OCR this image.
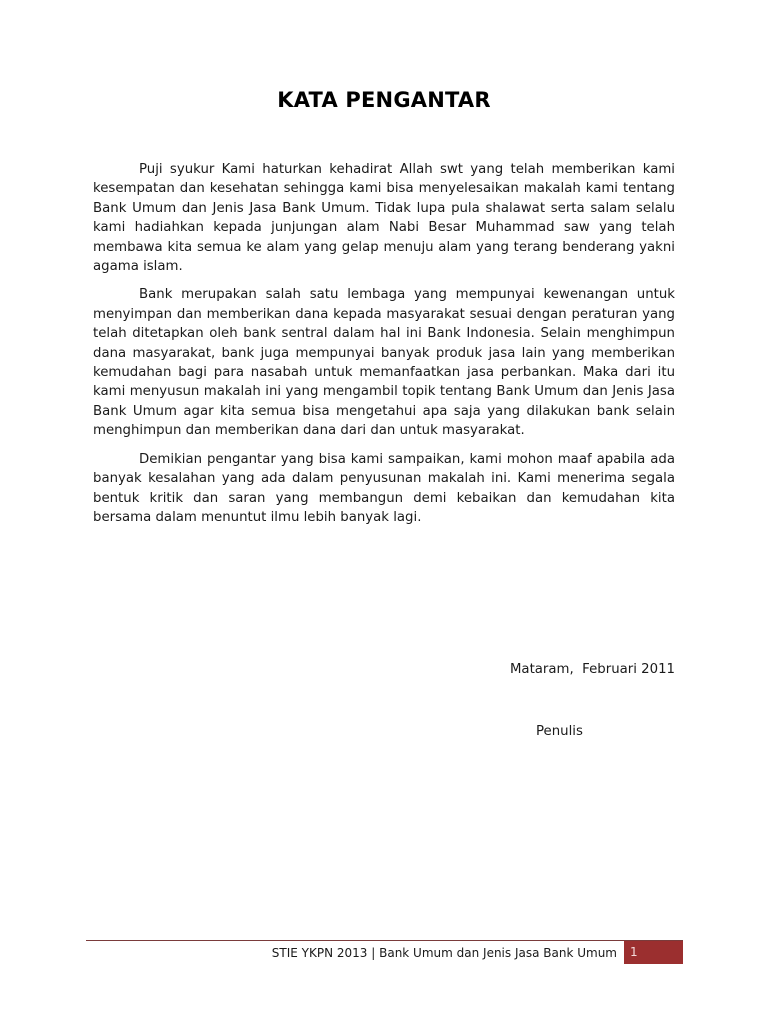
KATA PENGANTAR

Puji syukur Kami haturkan kehadirat Allah swt yang telah memberikan kami kesempatan dan kesehatan sehingga kami bisa menyelesaikan makalah kami tentang Bank Umum dan Jenis Jasa Bank Umum. Tidak lupa pula shalawat serta salam selalu kami hadiahkan kepada junjungan alam Nabi Besar Muhammad saw yang telah membawa kita semua ke alam yang gelap menuju alam yang terang benderang yakni agama islam.

Bank merupakan salah satu lembaga yang mempunyai kewenangan untuk menyimpan dan memberikan dana kepada masyarakat sesuai dengan peraturan yang telah ditetapkan oleh bank sentral dalam hal ini Bank Indonesia. Selain menghimpun dana masyarakat, bank juga mempunyai banyak produk jasa lain yang memberikan kemudahan bagi para nasabah untuk memanfaatkan jasa perbankan. Maka dari itu kami menyusun makalah ini yang mengambil topik tentang Bank Umum dan Jenis Jasa Bank Umum agar kita semua bisa mengetahui apa saja yang dilakukan bank selain menghimpun dan memberikan dana dari dan untuk masyarakat.

Demikian pengantar yang bisa kami sampaikan, kami mohon maaf apabila ada banyak kesalahan yang ada dalam penyusunan makalah ini. Kami menerima segala bentuk kritik dan saran yang membangun demi kebaikan dan kemudahan kita bersama dalam menuntut ilmu lebih banyak lagi.

Mataram,  Februari 2011
Penulis
STIE YKPN 2013 | Bank Umum dan Jenis Jasa Bank Umum 1
